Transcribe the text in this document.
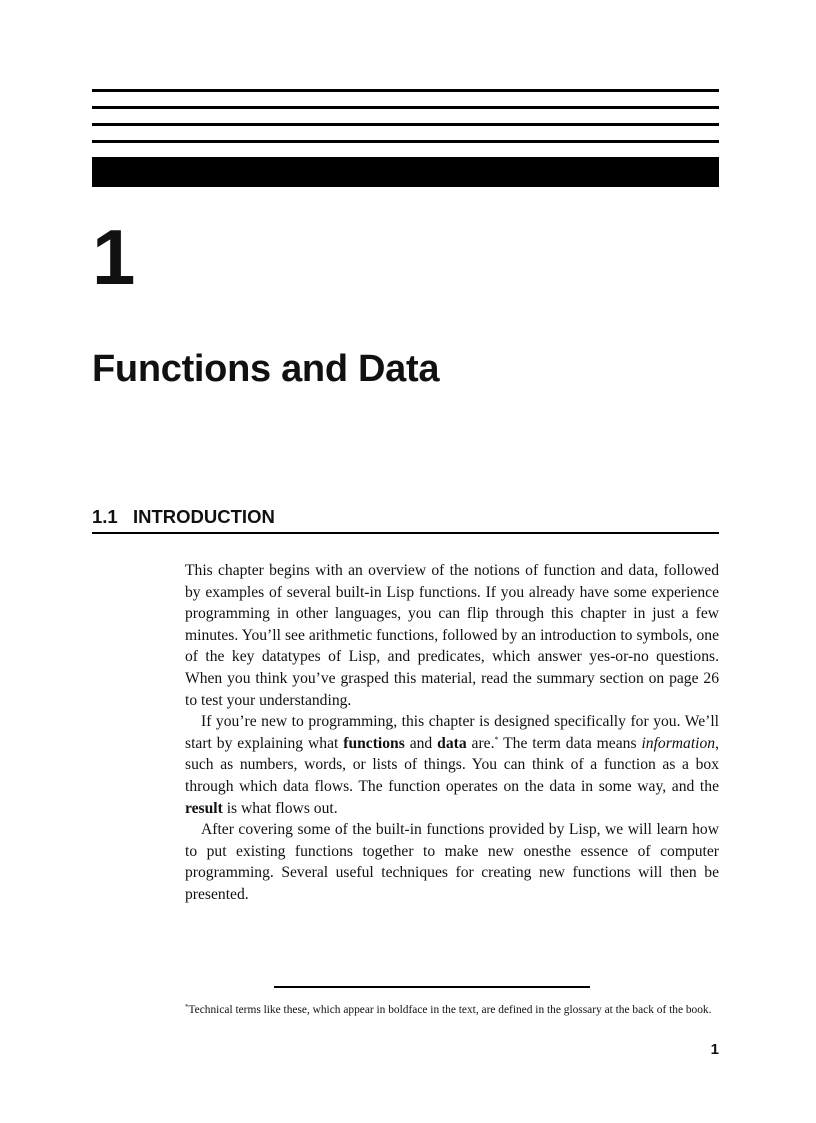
1
Functions and Data
1.1 INTRODUCTION

This chapter begins with an overview of the notions of function and data, followed by examples of several built-in Lisp functions. If you already have some experience programming in other languages, you can flip through this chapter in just a few minutes. You’ll see arithmetic functions, followed by an introduction to symbols, one of the key datatypes of Lisp, and predicates, which answer yes-or-no questions. When you think you’ve grasped this material, read the summary section on page 26 to test your understanding.

If you’re new to programming, this chapter is designed specifically for you. We’ll start by explaining what functions and data are.* The term data means information, such as numbers, words, or lists of things. You can think of a function as a box through which data flows. The function operates on the data in some way, and the result is what flows out.

After covering some of the built-in functions provided by Lisp, we will learn how to put existing functions together to make new onesthe essence of computer programming. Several useful techniques for creating new functions will then be presented.

*Technical terms like these, which appear in boldface in the text, are defined in the glossary at the back of the book.

1
